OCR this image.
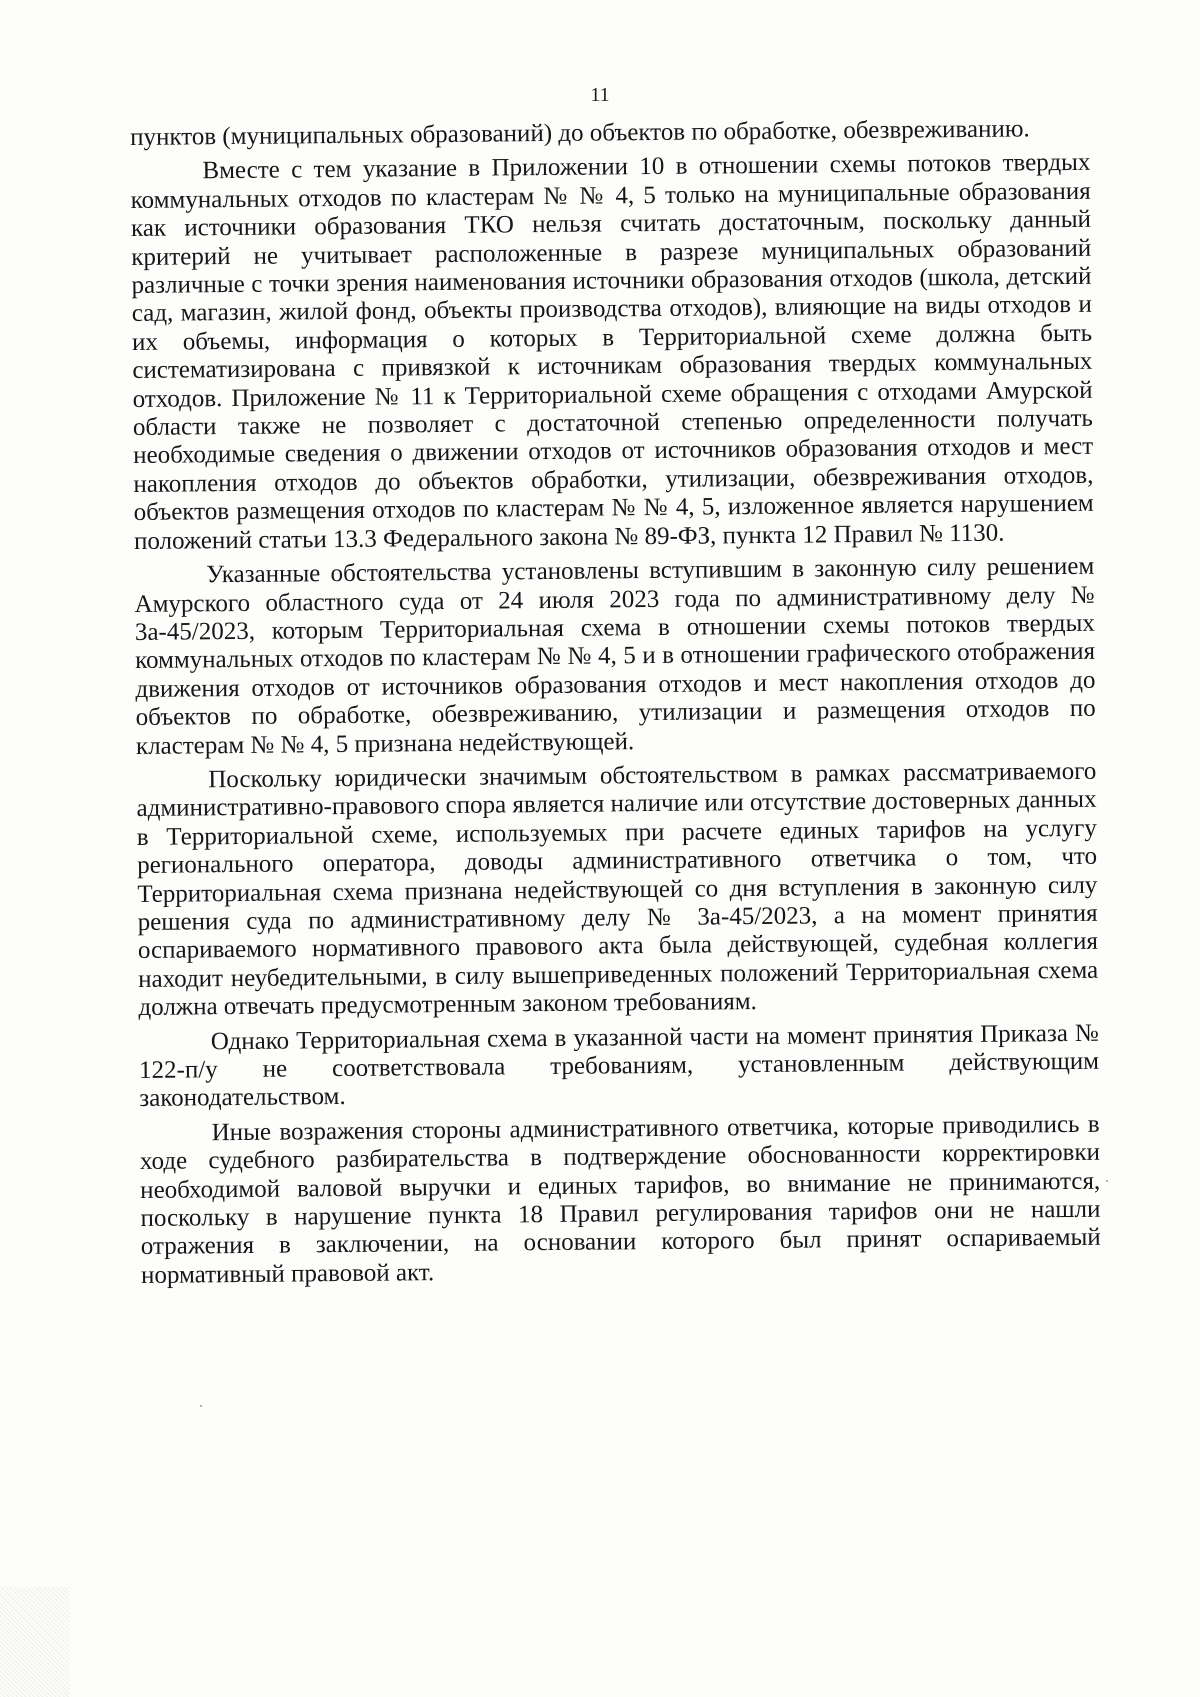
11

пунктов (муниципальных образований) до объектов по обработке, обезвреживанию.

Вместе с тем указание в Приложении 10 в отношении схемы потоков твердых коммунальных отходов по кластерам № № 4, 5 только на муниципальные образования как источники образования ТКО нельзя считать достаточным, поскольку данный критерий не учитывает расположенные в разрезе муниципальных образований различные с точки зрения наименования источники образования отходов (школа, детский сад, магазин, жилой фонд, объекты производства отходов), влияющие на виды отходов и их объемы, информация о которых в Территориальной схеме должна быть систематизирована с привязкой к источникам образования твердых коммунальных отходов. Приложение № 11 к Территориальной схеме обращения с отходами Амурской области также не позволяет с достаточной степенью определенности получать необходимые сведения о движении отходов от источников образования отходов и мест накопления отходов до объектов обработки, утилизации, обезвреживания отходов, объектов размещения отходов по кластерам № № 4, 5, изложенное является нарушением положений статьи 13.3 Федерального закона № 89-ФЗ, пункта 12 Правил № 1130.

Указанные обстоятельства установлены вступившим в законную силу решением Амурского областного суда от 24 июля 2023 года по административному делу № 3а-45/2023, которым Территориальная схема в отношении схемы потоков твердых коммунальных отходов по кластерам № № 4, 5 и в отношении графического отображения движения отходов от источников образования отходов и мест накопления отходов до объектов по обработке, обезвреживанию, утилизации и размещения отходов по кластерам № № 4, 5 признана недействующей.

Поскольку юридически значимым обстоятельством в рамках рассматриваемого административно-правового спора является наличие или отсутствие достоверных данных в Территориальной схеме, используемых при расчете единых тарифов на услугу регионального оператора, доводы административного ответчика о том, что Территориальная схема признана недействующей со дня вступления в законную силу решения суда по административному делу № 3а-45/2023, а на момент принятия оспариваемого нормативного правового акта была действующей, судебная коллегия находит неубедительными, в силу вышеприведенных положений Территориальная схема должна отвечать предусмотренным законом требованиям.

Однако Территориальная схема в указанной части на момент принятия Приказа № 122-п/у не соответствовала требованиям, установленным действующим законодательством.

Иные возражения стороны административного ответчика, которые приводились в ходе судебного разбирательства в подтверждение обоснованности корректировки необходимой валовой выручки и единых тарифов, во внимание не принимаются, поскольку в нарушение пункта 18 Правил регулирования тарифов они не нашли отражения в заключении, на основании которого был принят оспариваемый нормативный правовой акт.
